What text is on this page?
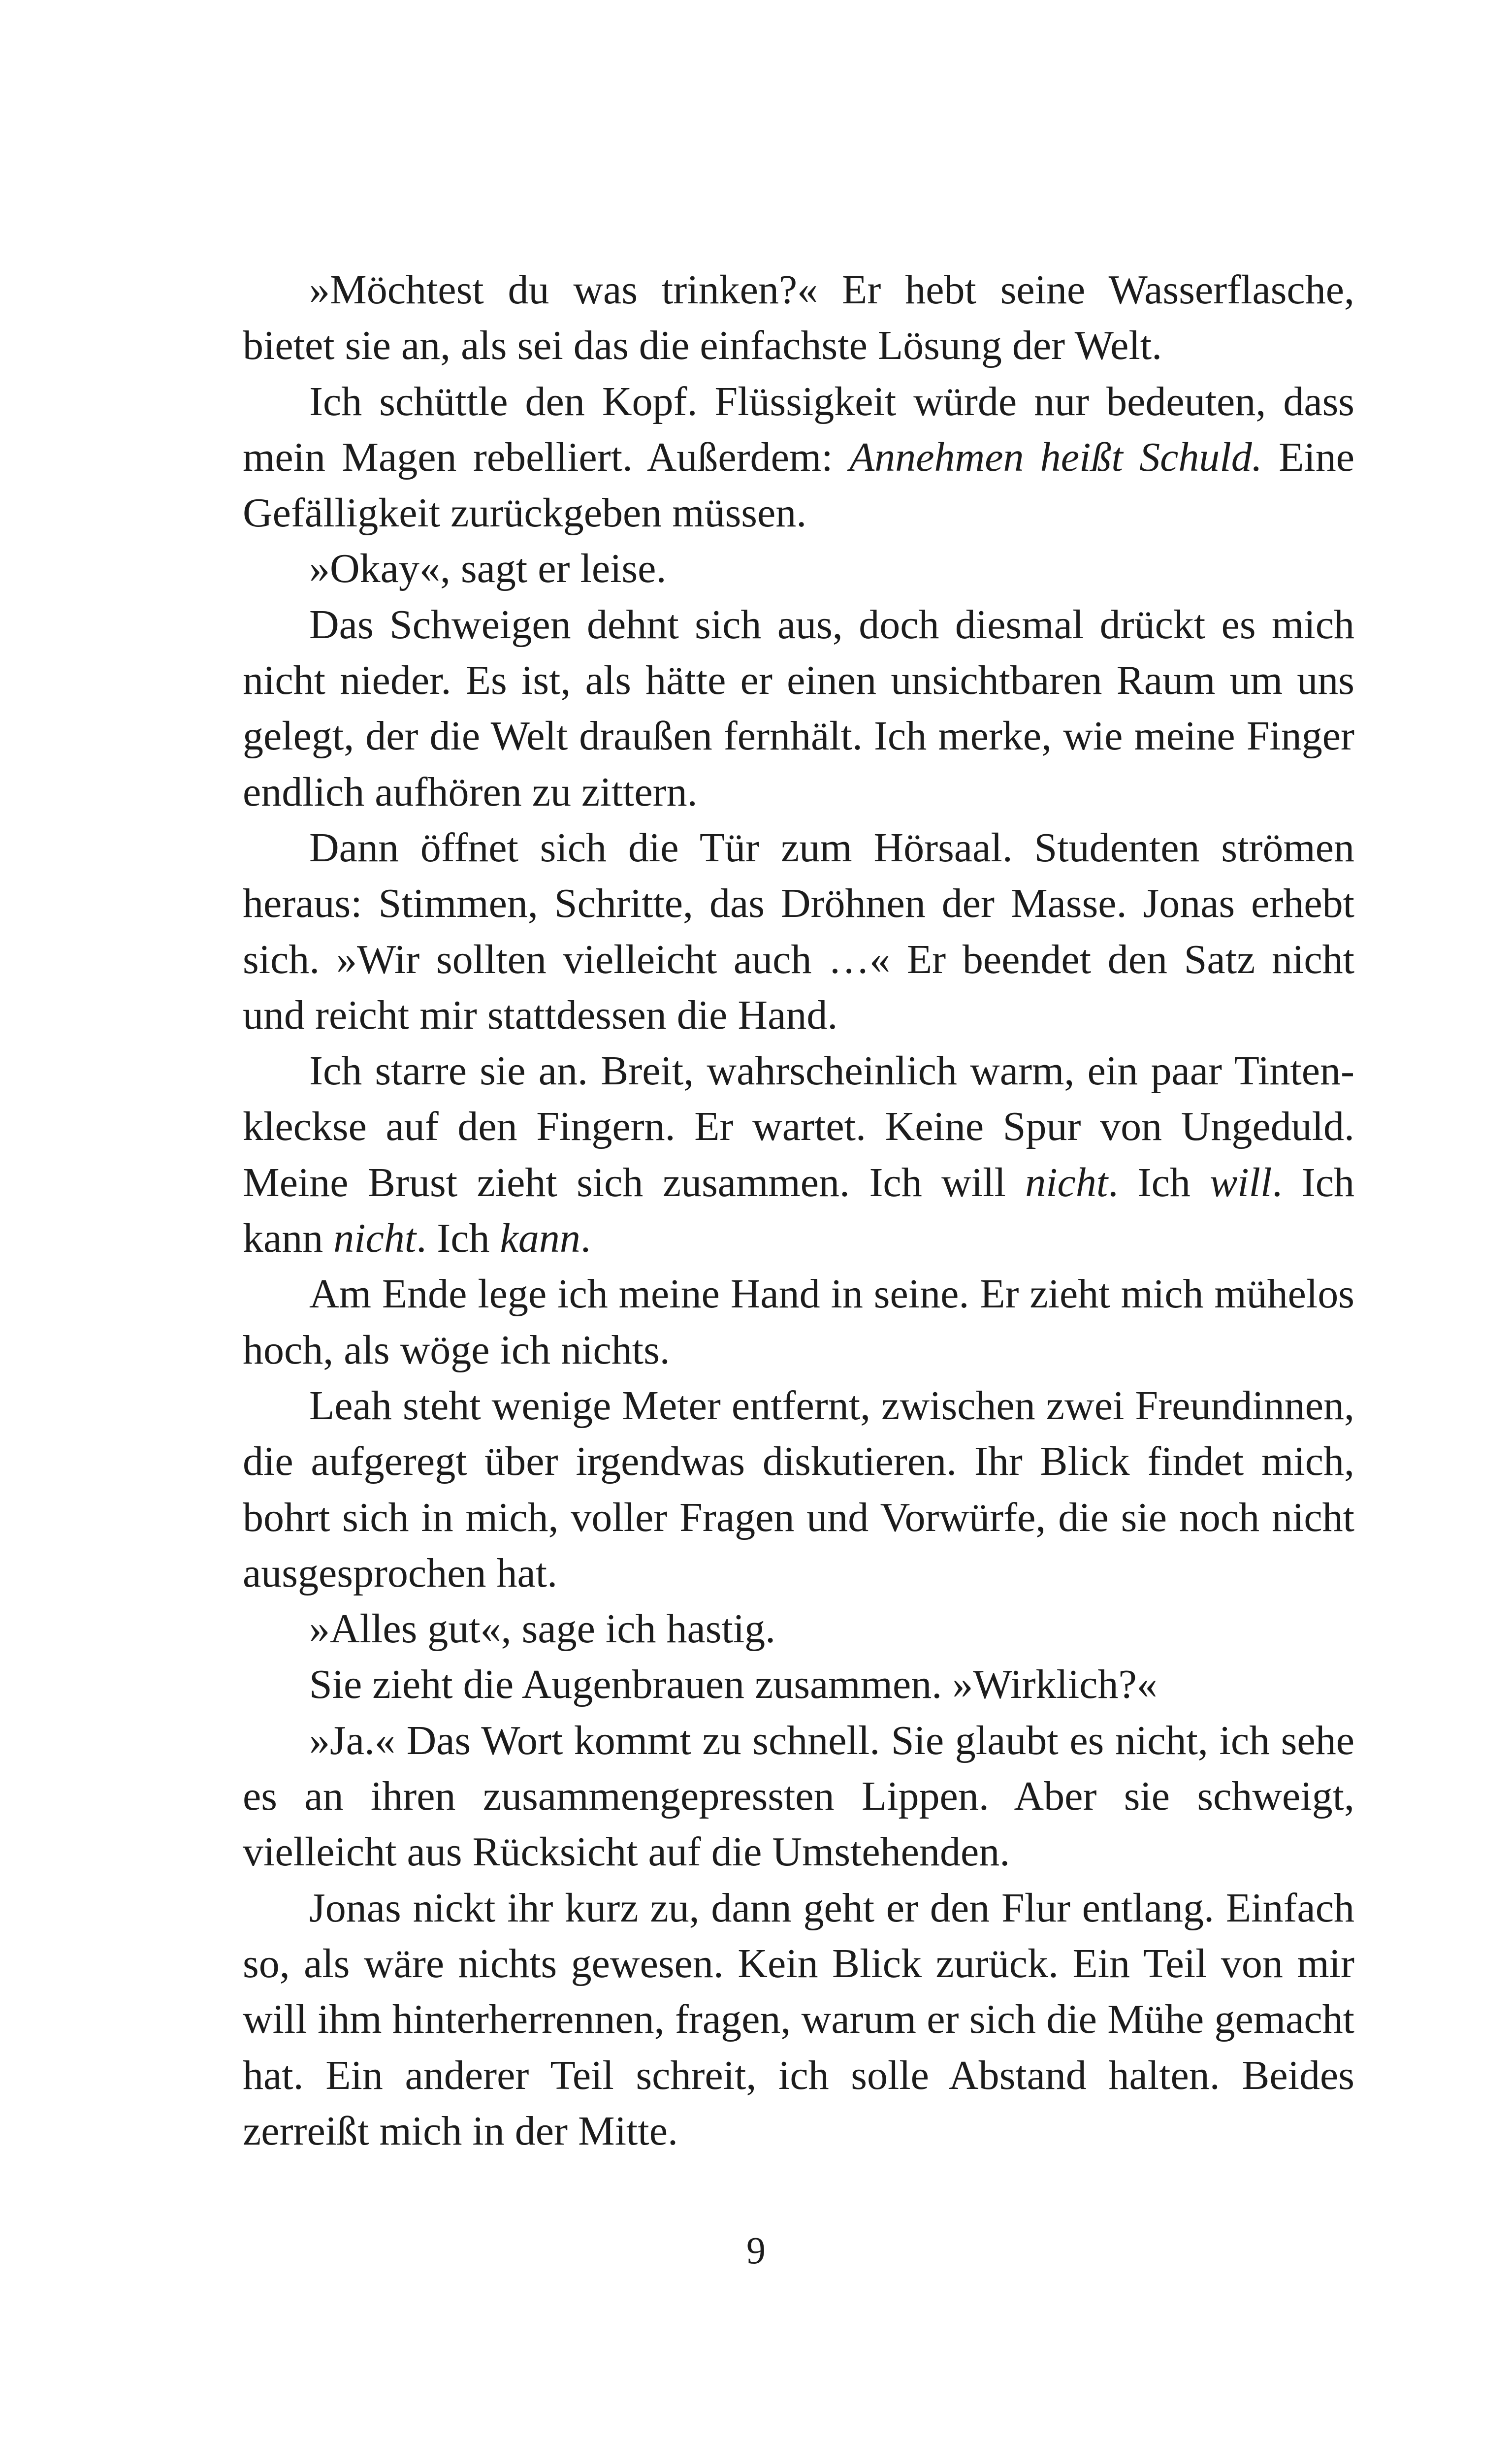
»Möchtest du was trinken?« Er hebt seine Wasserflasche, bietet sie an, als sei das die einfachste Lösung der Welt.

Ich schüttle den Kopf. Flüssigkeit würde nur bedeuten, dass mein Magen rebelliert. Außerdem: Annehmen heißt Schuld. Eine Gefälligkeit zurückgeben müssen.

»Okay«, sagt er leise.

Das Schweigen dehnt sich aus, doch diesmal drückt es mich nicht nieder. Es ist, als hätte er einen unsichtbaren Raum um uns gelegt, der die Welt draußen fernhält. Ich merke, wie meine Finger endlich aufhören zu zittern.

Dann öffnet sich die Tür zum Hörsaal. Studenten strömen heraus: Stimmen, Schritte, das Dröhnen der Masse. Jonas erhebt sich. »Wir sollten vielleicht auch …« Er beendet den Satz nicht und reicht mir stattdessen die Hand.

Ich starre sie an. Breit, wahrscheinlich warm, ein paar Tintenkleckse auf den Fingern. Er wartet. Keine Spur von Ungeduld. Meine Brust zieht sich zusammen. Ich will nicht. Ich will. Ich kann nicht. Ich kann.

Am Ende lege ich meine Hand in seine. Er zieht mich mühelos hoch, als wöge ich nichts.

Leah steht wenige Meter entfernt, zwischen zwei Freundinnen, die aufgeregt über irgendwas diskutieren. Ihr Blick findet mich, bohrt sich in mich, voller Fragen und Vorwürfe, die sie noch nicht ausgesprochen hat.

»Alles gut«, sage ich hastig.

Sie zieht die Augenbrauen zusammen. »Wirklich?«

»Ja.« Das Wort kommt zu schnell. Sie glaubt es nicht, ich sehe es an ihren zusammengepressten Lippen. Aber sie schweigt, vielleicht aus Rücksicht auf die Umstehenden.

Jonas nickt ihr kurz zu, dann geht er den Flur entlang. Einfach so, als wäre nichts gewesen. Kein Blick zurück. Ein Teil von mir will ihm hinterherrennen, fragen, warum er sich die Mühe gemacht hat. Ein anderer Teil schreit, ich solle Abstand halten. Beides zerreißt mich in der Mitte.

9
